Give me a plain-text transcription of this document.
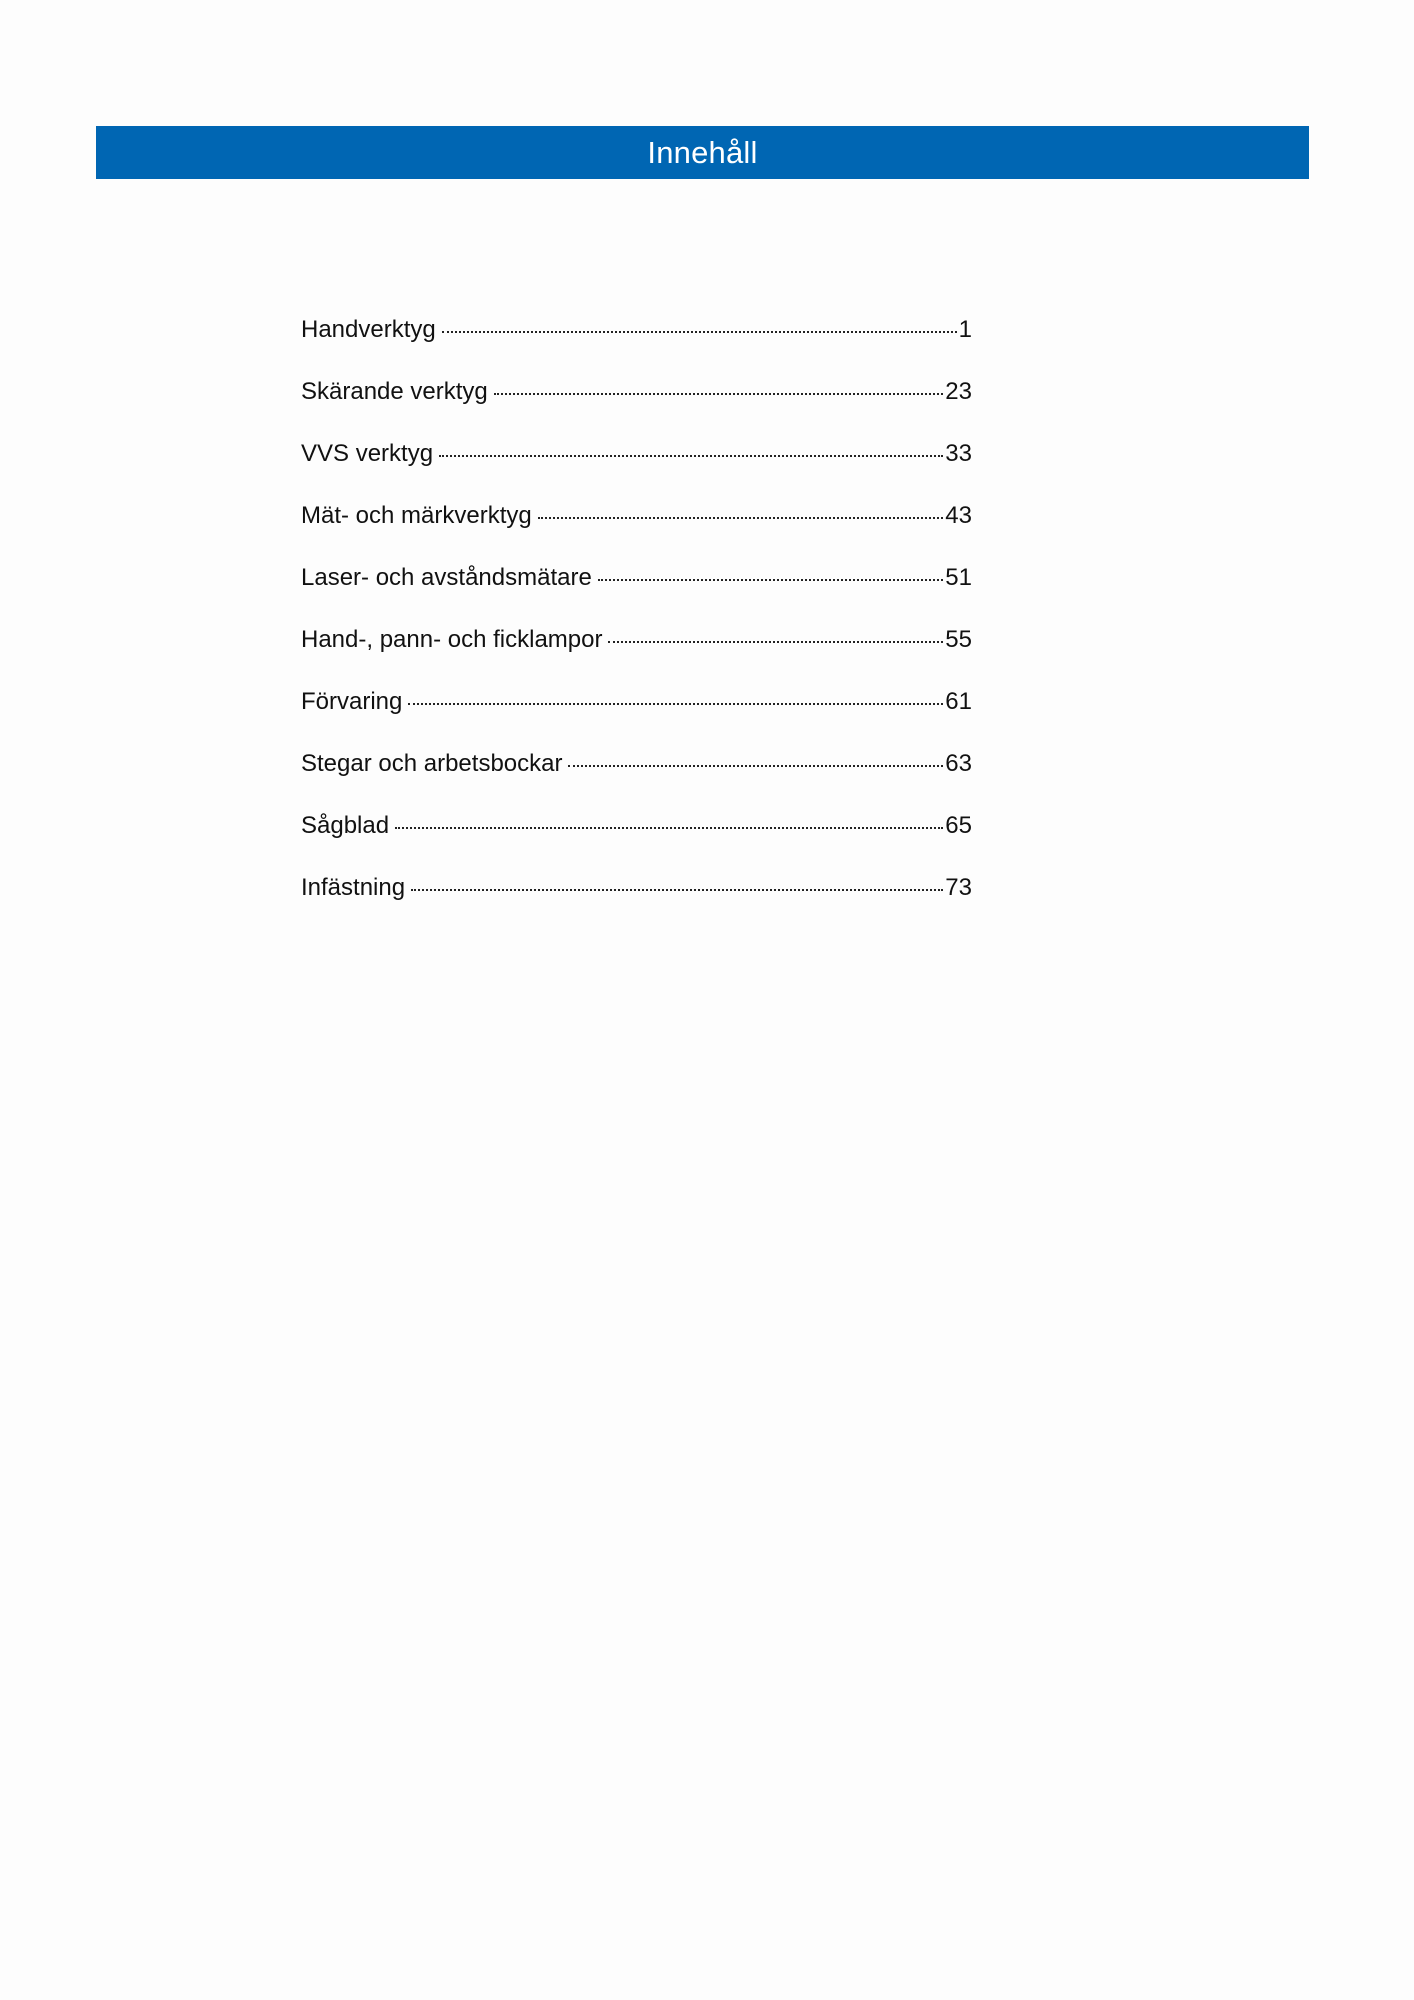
Innehåll
Handverktyg	1
Skärande verktyg	23
VVS verktyg	33
Mät- och märkverktyg	43
Laser- och avståndsmätare	51
Hand-, pann- och ficklampor	55
Förvaring	61
Stegar och arbetsbockar	63
Sågblad	65
Infästning	73
